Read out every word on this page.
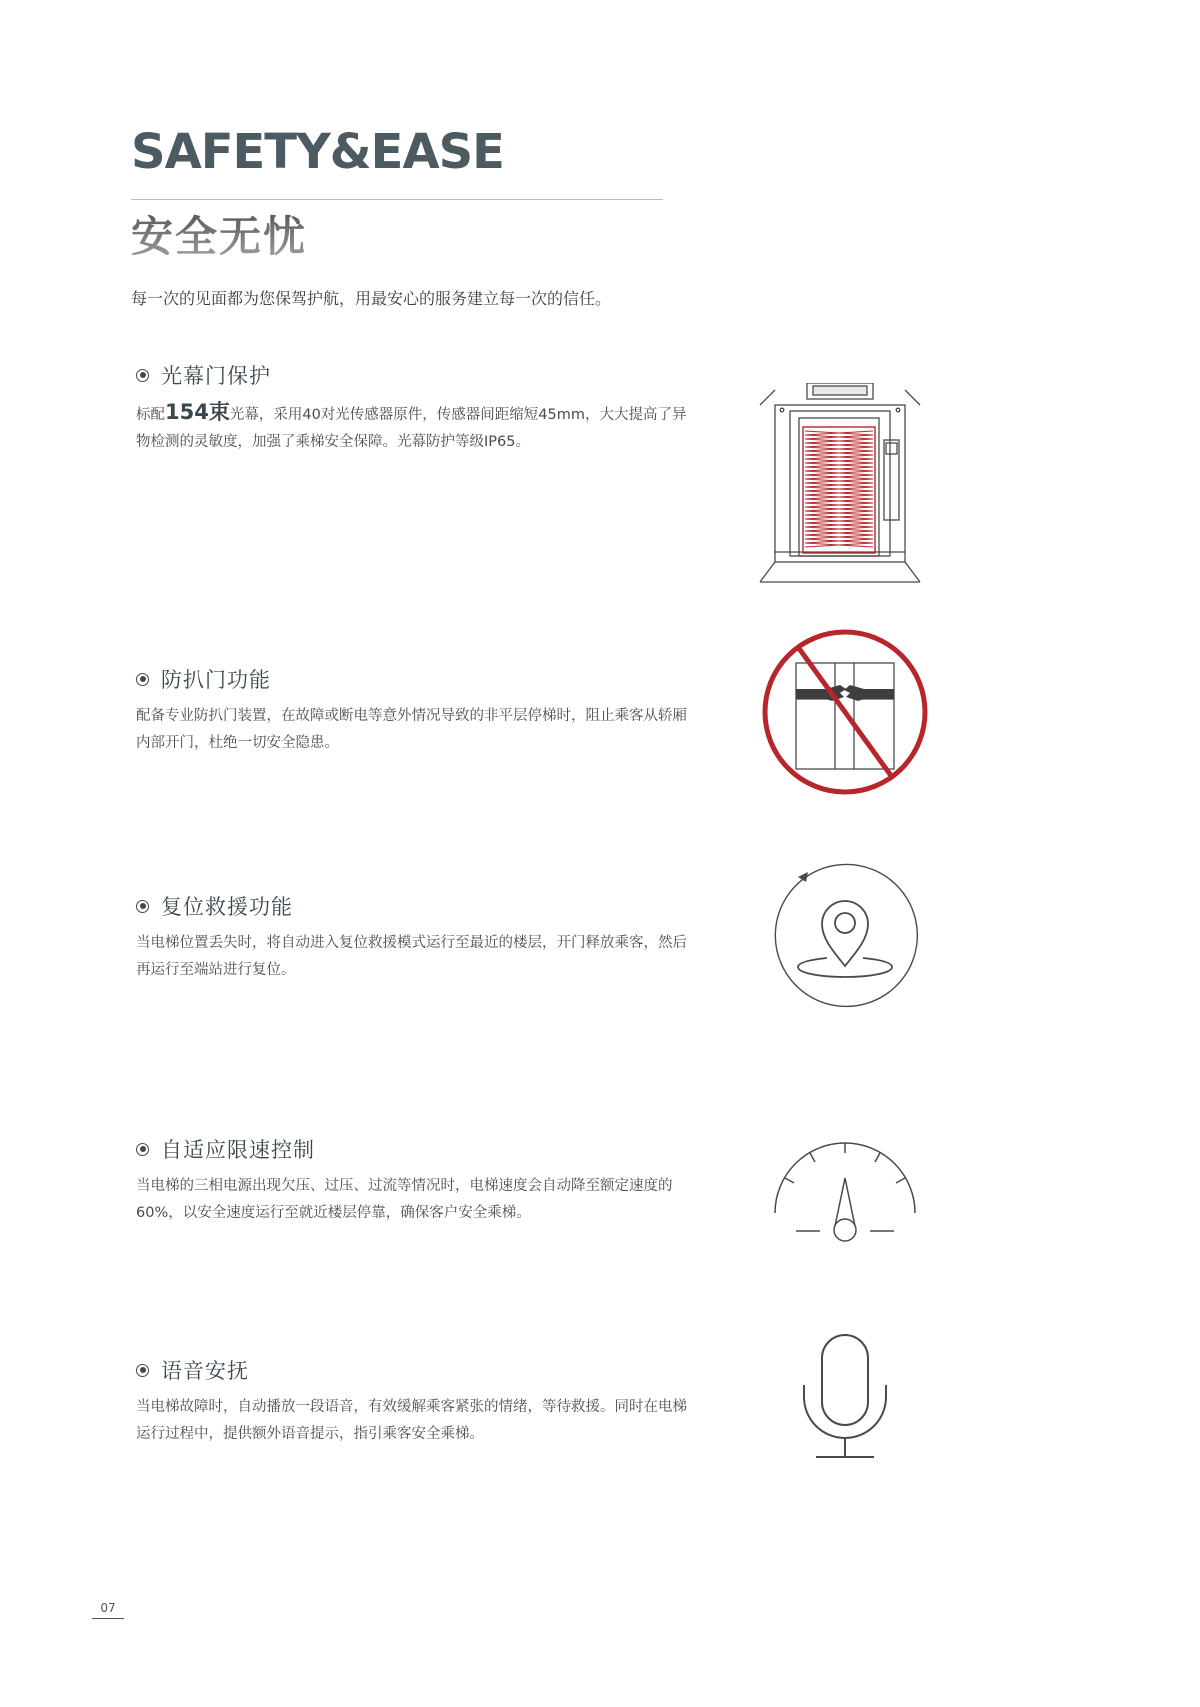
SAFETY&EASE
安全无忧

每一次的见面都为您保驾护航，用最安心的服务建立每一次的信任。

光幕门保护
标配154束光幕，采用40对光传感器原件，传感器间距缩短45mm，大大提高了异物检测的灵敏度，加强了乘梯安全保障。光幕防护等级IP65。
防扒门功能
配备专业防扒门装置，在故障或断电等意外情况导致的非平层停梯时，阻止乘客从轿厢内部开门，杜绝一切安全隐患。
复位救援功能
当电梯位置丢失时，将自动进入复位救援模式运行至最近的楼层，开门释放乘客，然后再运行至端站进行复位。
自适应限速控制
当电梯的三相电源出现欠压、过压、过流等情况时，电梯速度会自动降至额定速度的60%，以安全速度运行至就近楼层停靠，确保客户安全乘梯。
语音安抚
当电梯故障时，自动播放一段语音，有效缓解乘客紧张的情绪，等待救援。同时在电梯运行过程中，提供额外语音提示，指引乘客安全乘梯。
07
